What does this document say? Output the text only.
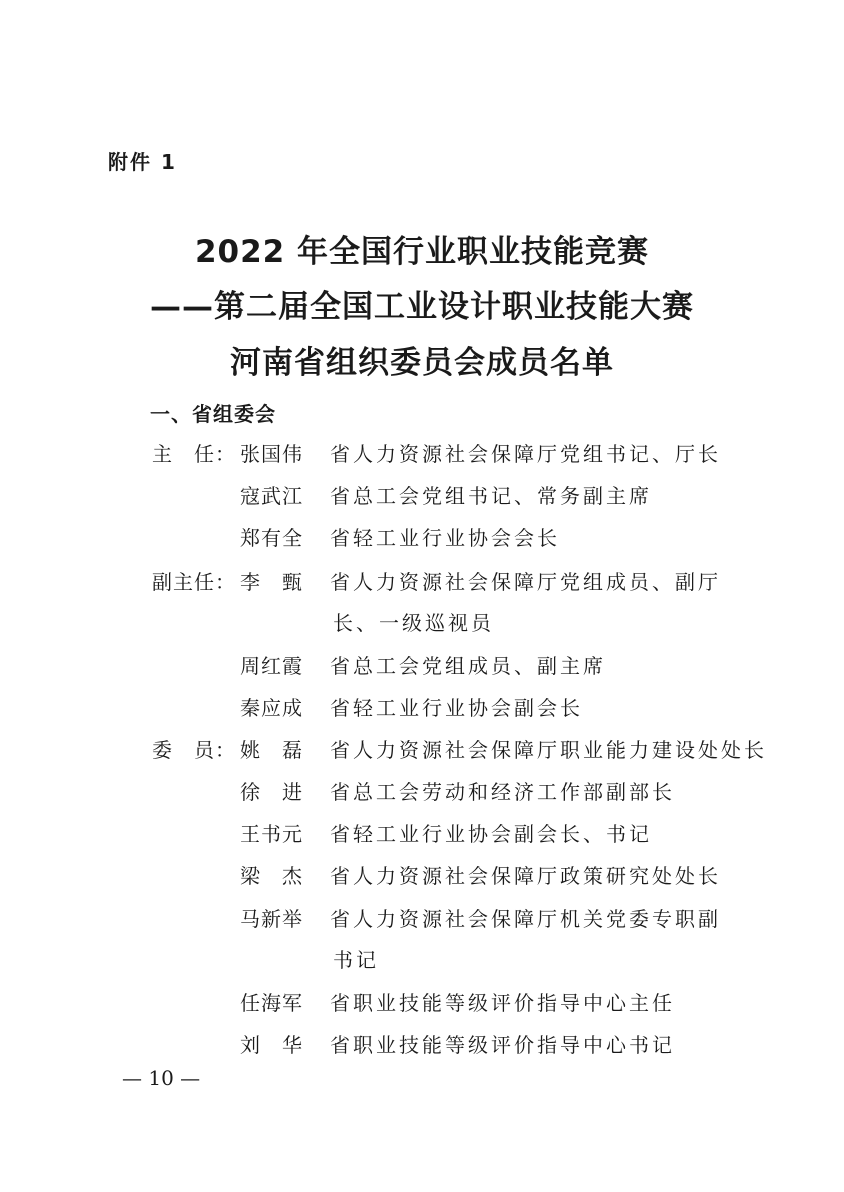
附件 1
2022 年全国行业职业技能竞赛
——第二届全国工业设计职业技能大赛
河南省组织委员会成员名单
一、省组委会
主　任： 张国伟	省人力资源社会保障厅党组书记、厅长
寇武江	省总工会党组书记、常务副主席
郑有全	省轻工业行业协会会长
副主任： 李　甄	省人力资源社会保障厅党组成员、副厅
长、一级巡视员
周红霞	省总工会党组成员、副主席
秦应成	省轻工业行业协会副会长
委　员： 姚　磊	省人力资源社会保障厅职业能力建设处处长
徐　进	省总工会劳动和经济工作部副部长
王书元	省轻工业行业协会副会长、书记
梁　杰	省人力资源社会保障厅政策研究处处长
马新举	省人力资源社会保障厅机关党委专职副
书记
任海军	省职业技能等级评价指导中心主任
刘　华	省职业技能等级评价指导中心书记
— 10 —
